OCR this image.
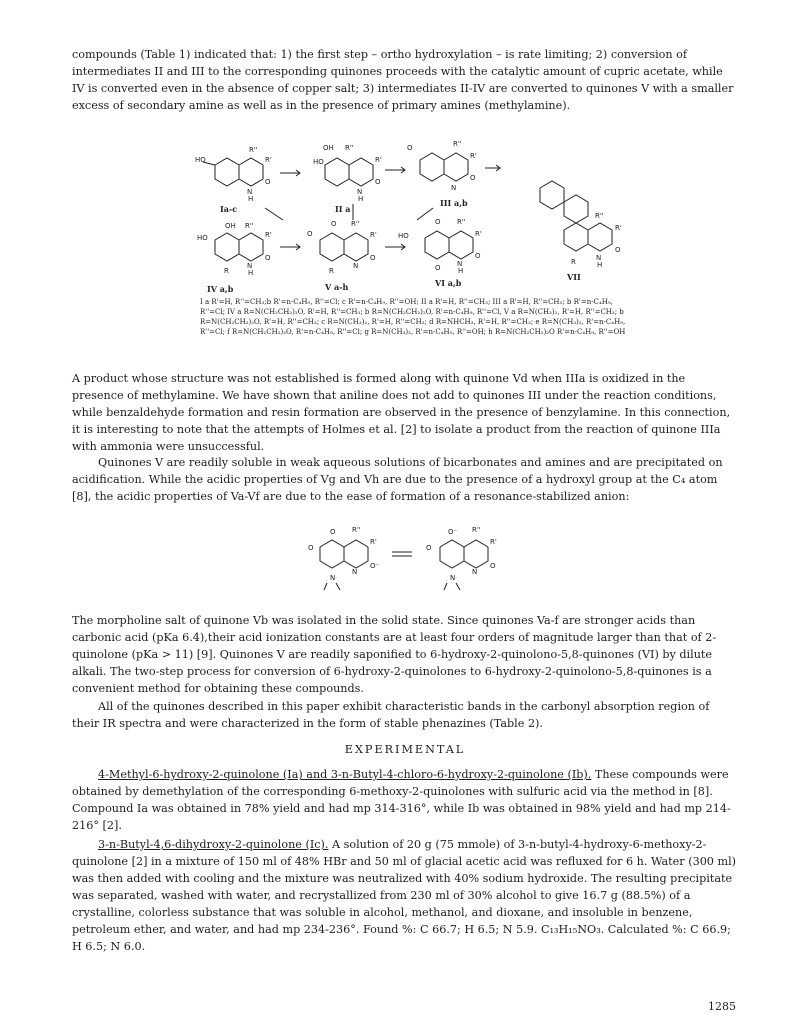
compounds (Table 1) indicated that: 1) the first step – ortho hydroxylation – is rate limiting; 2) conversion of intermediates II and III to the corresponding quinones proceeds with the catalytic amount of cupric acetate, while IV is converted even in the absence of copper salt; 3) intermediates II-IV are converted to quinones V with a smaller excess of secondary amine as well as in the presence of primary amines (methylamine).

HO
R''
R'
O
N
H
Ia-c
OH R''
HO	R'
O
N
H
II a
O	R''
R'
O
N
III a,b
OH R''
HO	R'
O
R
N
H
IV a,b
O
O R''
R'
O
R
N
V a-h
HO
O R''
R'
O
O N
H
VI a,b
R''
R'
O
R	N
H
VII

I a R'=H, R''=CH₃;b R'=n-C₄H₉, R''=Cl; c R'=n-C₄H₉, R''=OH; II a R'=H, R''=CH₃; III a R'=H, R''=CH₃; b R'=n-C₄H₉, R''=Cl; IV a R=N(CH₂CH₂)₂O, R'=H, R''=CH₃; b R=N(CH₂CH₂)₂O, R'=n-C₄H₉, R''=Cl, V a R=N(CH₃)₂, R'=H, R''=CH₃; b R=N(CH₂CH₂)₂O, R'=H, R''=CH₃; c R=N(CH₃)₂, R'=H, R''=CH₃; d R=NHCH₃, R'=H, R''=CH₃; e R=N(CH₃)₂, R'=n-C₄H₉, R''=Cl; f R=N(CH₂CH₂)₂O, R'=n-C₄H₉, R''=Cl; g R=N(CH₃)₂, R'=n-C₄H₉, R''=OH; h R=N(CH₂CH₂)₂O R'=n-C₄H₉, R''=OH

A product whose structure was not established is formed along with quinone Vd when IIIa is oxidized in the presence of methylamine. We have shown that aniline does not add to quinones III under the reaction conditions, while benzaldehyde formation and resin formation are observed in the presence of benzylamine. In this connection, it is interesting to note that the attempts of Holmes et al. [2] to isolate a product from the reaction of quinone IIIa with ammonia were unsuccessful.

Quinones V are readily soluble in weak aqueous solutions of bicarbonates and amines and are precipitated on acidification. While the acidic properties of Vg and Vh are due to the presence of a hydroxyl group at the C₄ atom [8], the acidic properties of Va-Vf are due to the ease of formation of a resonance-stabilized anion:

O
O R''
R'
O⁻
N
N
O
O⁻ R''
R'
O
N
N

The morpholine salt of quinone Vb was isolated in the solid state. Since quinones Va-f are stronger acids than carbonic acid (pKa 6.4),their acid ionization constants are at least four orders of magnitude larger than that of 2-quinolone (pKa > 11) [9]. Quinones V are readily saponified to 6-hydroxy-2-quinolono-5,8-quinones (VI) by dilute alkali. The two-step process for conversion of 6-hydroxy-2-quinolones to 6-hydroxy-2-quinolono-5,8-quinones is a convenient method for obtaining these compounds.

All of the quinones described in this paper exhibit characteristic bands in the carbonyl absorption region of their IR spectra and were characterized in the form of stable phenazines (Table 2).

EXPERIMENTAL

4-Methyl-6-hydroxy-2-quinolone (Ia) and 3-n-Butyl-4-chloro-6-hydroxy-2-quinolone (Ib). These compounds were obtained by demethylation of the corresponding 6-methoxy-2-quinolones with sulfuric acid via the method in [8]. Compound Ia was obtained in 78% yield and had mp 314-316°, while Ib was obtained in 98% yield and had mp 214-216° [2].

3-n-Butyl-4,6-dihydroxy-2-quinolone (Ic). A solution of 20 g (75 mmole) of 3-n-butyl-4-hydroxy-6-methoxy-2-quinolone [2] in a mixture of 150 ml of 48% HBr and 50 ml of glacial acetic acid was refluxed for 6 h. Water (300 ml) was then added with cooling and the mixture was neutralized with 40% sodium hydroxide. The resulting precipitate was separated, washed with water, and recrystallized from 230 ml of 30% alcohol to give 16.7 g (88.5%) of a crystalline, colorless substance that was soluble in alcohol, methanol, and dioxane, and insoluble in benzene, petroleum ether, and water, and had mp 234-236°. Found %: C 66.7; H 6.5; N 5.9. C₁₃H₁₅NO₃. Calculated %: C 66.9; H 6.5; N 6.0.

1285
